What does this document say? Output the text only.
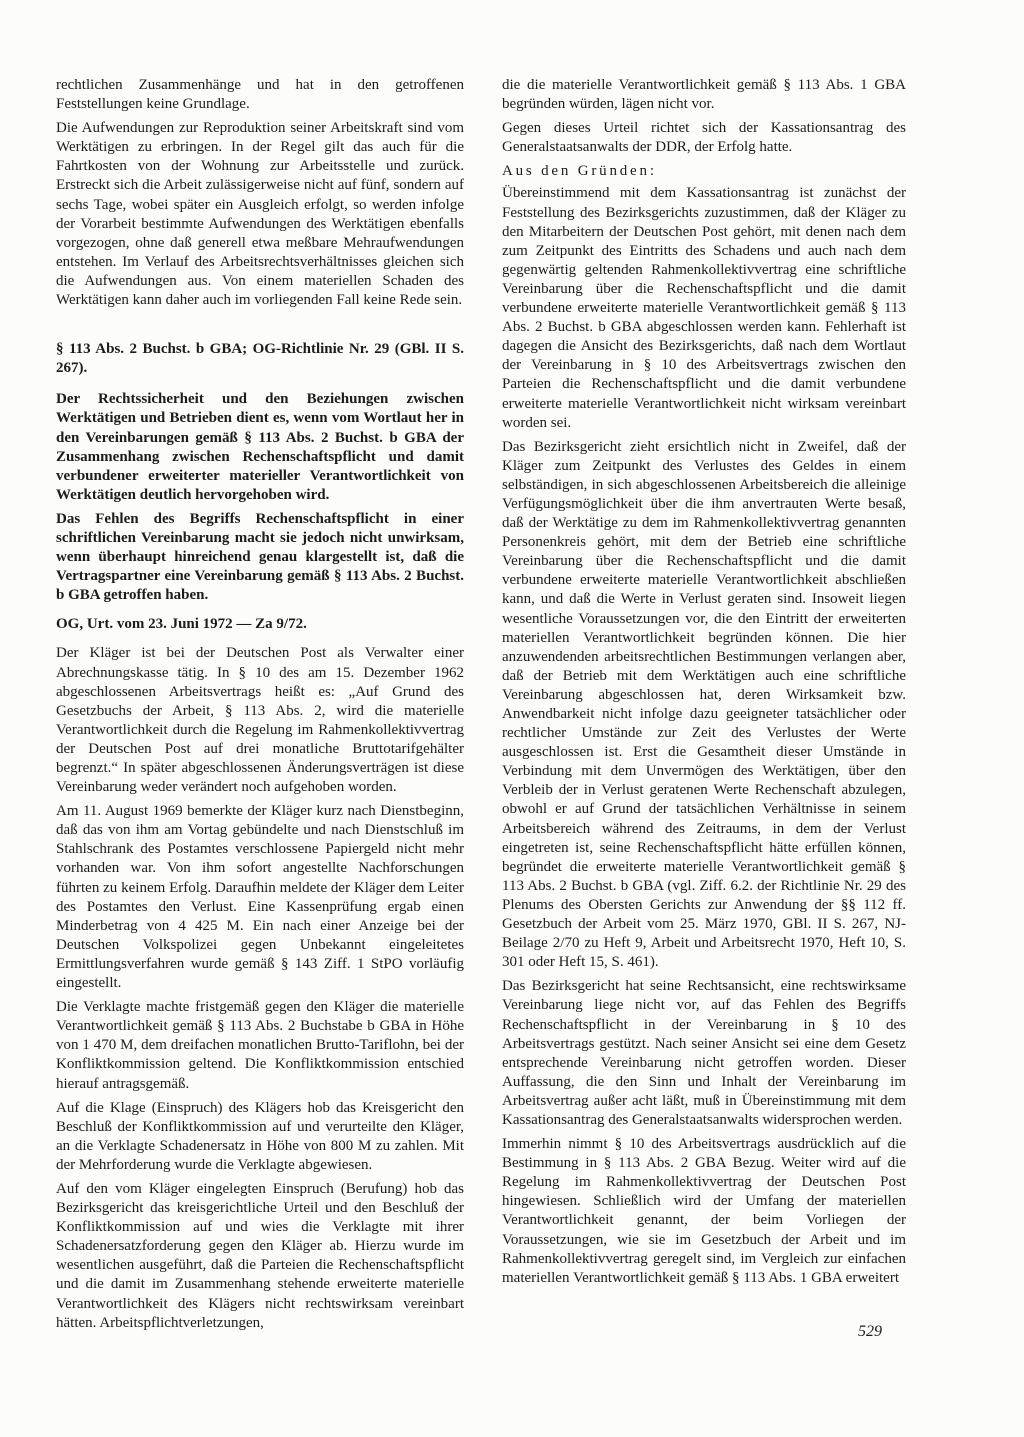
rechtlichen Zusammenhänge und hat in den getroffenen Feststellungen keine Grundlage.

Die Aufwendungen zur Reproduktion seiner Arbeitskraft sind vom Werktätigen zu erbringen. In der Regel gilt das auch für die Fahrtkosten von der Wohnung zur Arbeitsstelle und zurück. Erstreckt sich die Arbeit zulässigerweise nicht auf fünf, sondern auf sechs Tage, wobei später ein Ausgleich erfolgt, so werden infolge der Vorarbeit bestimmte Aufwendungen des Werktätigen ebenfalls vorgezogen, ohne daß generell etwa meßbare Mehraufwendungen entstehen. Im Verlauf des Arbeitsrechtsverhältnisses gleichen sich die Aufwendungen aus. Von einem materiellen Schaden des Werktätigen kann daher auch im vorliegenden Fall keine Rede sein.

§ 113 Abs. 2 Buchst. b GBA; OG-Richtlinie Nr. 29 (GBl. II S. 267).

Der Rechtssicherheit und den Beziehungen zwischen Werktätigen und Betrieben dient es, wenn vom Wortlaut her in den Vereinbarungen gemäß § 113 Abs. 2 Buchst. b GBA der Zusammenhang zwischen Rechenschaftspflicht und damit verbundener erweiterter materieller Verantwortlichkeit von Werktätigen deutlich hervorgehoben wird.

Das Fehlen des Begriffs Rechenschaftspflicht in einer schriftlichen Vereinbarung macht sie jedoch nicht unwirksam, wenn überhaupt hinreichend genau klargestellt ist, daß die Vertragspartner eine Vereinbarung gemäß § 113 Abs. 2 Buchst. b GBA getroffen haben.

OG, Urt. vom 23. Juni 1972 — Za 9/72.

Der Kläger ist bei der Deutschen Post als Verwalter einer Abrechnungskasse tätig. In § 10 des am 15. Dezember 1962 abgeschlossenen Arbeitsvertrags heißt es: „Auf Grund des Gesetzbuchs der Arbeit, § 113 Abs. 2, wird die materielle Verantwortlichkeit durch die Regelung im Rahmenkollektivvertrag der Deutschen Post auf drei monatliche Bruttotarifgehälter begrenzt.“ In später abgeschlossenen Änderungsverträgen ist diese Vereinbarung weder verändert noch aufgehoben worden.

Am 11. August 1969 bemerkte der Kläger kurz nach Dienstbeginn, daß das von ihm am Vortag gebündelte und nach Dienstschluß im Stahlschrank des Postamtes verschlossene Papiergeld nicht mehr vorhanden war. Von ihm sofort angestellte Nachforschungen führten zu keinem Erfolg. Daraufhin meldete der Kläger dem Leiter des Postamtes den Verlust. Eine Kassenprüfung ergab einen Minderbetrag von 4 425 M. Ein nach einer Anzeige bei der Deutschen Volkspolizei gegen Unbekannt eingeleitetes Ermittlungsverfahren wurde gemäß § 143 Ziff. 1 StPO vorläufig eingestellt.

Die Verklagte machte fristgemäß gegen den Kläger die materielle Verantwortlichkeit gemäß § 113 Abs. 2 Buchstabe b GBA in Höhe von 1 470 M, dem dreifachen monatlichen Brutto-Tariflohn, bei der Konfliktkommission geltend. Die Konfliktkommission entschied hierauf antragsgemäß.

Auf die Klage (Einspruch) des Klägers hob das Kreisgericht den Beschluß der Konfliktkommission auf und verurteilte den Kläger, an die Verklagte Schadenersatz in Höhe von 800 M zu zahlen. Mit der Mehrforderung wurde die Verklagte abgewiesen.

Auf den vom Kläger eingelegten Einspruch (Berufung) hob das Bezirksgericht das kreisgerichtliche Urteil und den Beschluß der Konfliktkommission auf und wies die Verklagte mit ihrer Schadenersatzforderung gegen den Kläger ab. Hierzu wurde im wesentlichen ausgeführt, daß die Parteien die Rechenschaftspflicht und die damit im Zusammenhang stehende erweiterte materielle Verantwortlichkeit des Klägers nicht rechtswirksam vereinbart hätten. Arbeitspflichtverletzungen,

die die materielle Verantwortlichkeit gemäß § 113 Abs. 1 GBA begründen würden, lägen nicht vor.

Gegen dieses Urteil richtet sich der Kassationsantrag des Generalstaatsanwalts der DDR, der Erfolg hatte.

Aus den Gründen:

Übereinstimmend mit dem Kassationsantrag ist zunächst der Feststellung des Bezirksgerichts zuzustimmen, daß der Kläger zu den Mitarbeitern der Deutschen Post gehört, mit denen nach dem zum Zeitpunkt des Eintritts des Schadens und auch nach dem gegenwärtig geltenden Rahmenkollektivvertrag eine schriftliche Vereinbarung über die Rechenschaftspflicht und die damit verbundene erweiterte materielle Verantwortlichkeit gemäß § 113 Abs. 2 Buchst. b GBA abgeschlossen werden kann. Fehlerhaft ist dagegen die Ansicht des Bezirksgerichts, daß nach dem Wortlaut der Vereinbarung in § 10 des Arbeitsvertrags zwischen den Parteien die Rechenschaftspflicht und die damit verbundene erweiterte materielle Verantwortlichkeit nicht wirksam vereinbart worden sei.

Das Bezirksgericht zieht ersichtlich nicht in Zweifel, daß der Kläger zum Zeitpunkt des Verlustes des Geldes in einem selbständigen, in sich abgeschlossenen Arbeitsbereich die alleinige Verfügungsmöglichkeit über die ihm anvertrauten Werte besaß, daß der Werktätige zu dem im Rahmenkollektivvertrag genannten Personenkreis gehört, mit dem der Betrieb eine schriftliche Vereinbarung über die Rechenschaftspflicht und die damit verbundene erweiterte materielle Verantwortlichkeit abschließen kann, und daß die Werte in Verlust geraten sind. Insoweit liegen wesentliche Voraussetzungen vor, die den Eintritt der erweiterten materiellen Verantwortlichkeit begründen können. Die hier anzuwendenden arbeitsrechtlichen Bestimmungen verlangen aber, daß der Betrieb mit dem Werktätigen auch eine schriftliche Vereinbarung abgeschlossen hat, deren Wirksamkeit bzw. Anwendbarkeit nicht infolge dazu geeigneter tatsächlicher oder rechtlicher Umstände zur Zeit des Verlustes der Werte ausgeschlossen ist. Erst die Gesamtheit dieser Umstände in Verbindung mit dem Unvermögen des Werktätigen, über den Verbleib der in Verlust geratenen Werte Rechenschaft abzulegen, obwohl er auf Grund der tatsächlichen Verhältnisse in seinem Arbeitsbereich während des Zeitraums, in dem der Verlust eingetreten ist, seine Rechenschaftspflicht hätte erfüllen können, begründet die erweiterte materielle Verantwortlichkeit gemäß § 113 Abs. 2 Buchst. b GBA (vgl. Ziff. 6.2. der Richtlinie Nr. 29 des Plenums des Obersten Gerichts zur Anwendung der §§ 112 ff. Gesetzbuch der Arbeit vom 25. März 1970, GBl. II S. 267, NJ-Beilage 2/70 zu Heft 9, Arbeit und Arbeitsrecht 1970, Heft 10, S. 301 oder Heft 15, S. 461).

Das Bezirksgericht hat seine Rechtsansicht, eine rechtswirksame Vereinbarung liege nicht vor, auf das Fehlen des Begriffs Rechenschaftspflicht in der Vereinbarung in § 10 des Arbeitsvertrags gestützt. Nach seiner Ansicht sei eine dem Gesetz entsprechende Vereinbarung nicht getroffen worden. Dieser Auffassung, die den Sinn und Inhalt der Vereinbarung im Arbeitsvertrag außer acht läßt, muß in Übereinstimmung mit dem Kassationsantrag des Generalstaatsanwalts widersprochen werden.

Immerhin nimmt § 10 des Arbeitsvertrags ausdrücklich auf die Bestimmung in § 113 Abs. 2 GBA Bezug. Weiter wird auf die Regelung im Rahmenkollektivvertrag der Deutschen Post hingewiesen. Schließlich wird der Umfang der materiellen Verantwortlichkeit genannt, der beim Vorliegen der Voraussetzungen, wie sie im Gesetzbuch der Arbeit und im Rahmenkollektivvertrag geregelt sind, im Vergleich zur einfachen materiellen Verantwortlichkeit gemäß § 113 Abs. 1 GBA erweitert

529
